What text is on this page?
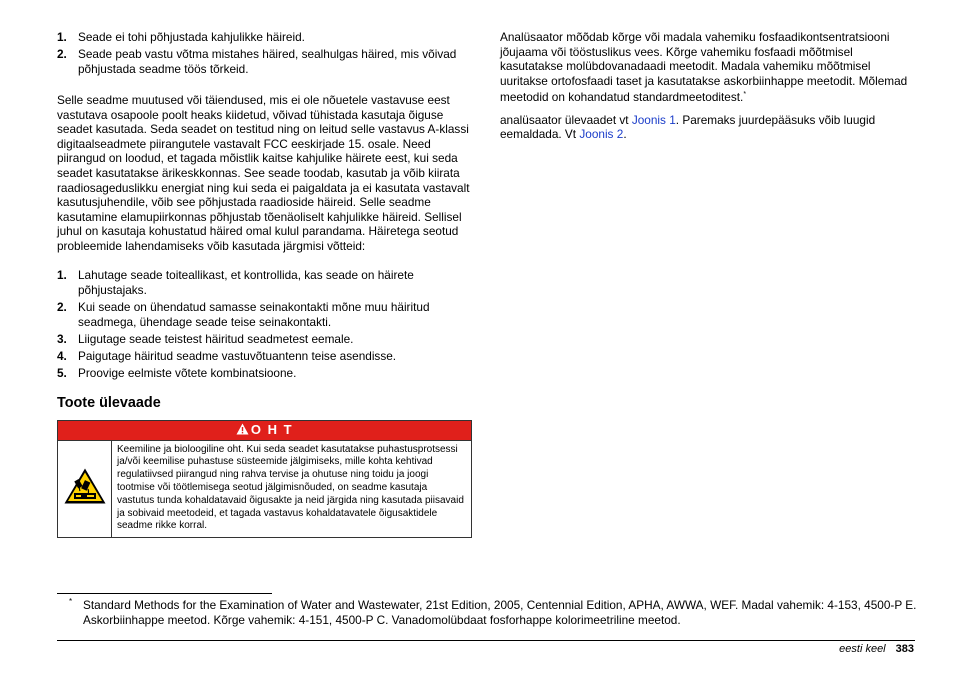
1. Seade ei tohi põhjustada kahjulikke häireid.
2. Seade peab vastu võtma mistahes häired, sealhulgas häired, mis võivad põhjustada seadme töös tõrkeid.

Selle seadme muutused või täiendused, mis ei ole nõuetele vastavuse eest vastutava osapoole poolt heaks kiidetud, võivad tühistada kasutaja õiguse seadet kasutada. Seda seadet on testitud ning on leitud selle vastavus A-klassi digitaalseadmete piirangutele vastavalt FCC eeskirjade 15. osale. Need piirangud on loodud, et tagada mõistlik kaitse kahjulike häirete eest, kui seda seadet kasutatakse ärikeskkonnas. See seade toodab, kasutab ja võib kiirata raadiosageduslikku energiat ning kui seda ei paigaldata ja ei kasutata vastavalt kasutusjuhendile, võib see põhjustada raadioside häireid. Selle seadme kasutamine elamupiirkonnas põhjustab tõenäoliselt kahjulikke häireid. Sellisel juhul on kasutaja kohustatud häired omal kulul parandama. Häiretega seotud probleemide lahendamiseks võib kasutada järgmisi võtteid:

1. Lahutage seade toiteallikast, et kontrollida, kas seade on häirete põhjustajaks.
2. Kui seade on ühendatud samasse seinakontakti mõne muu häiritud seadmega, ühendage seade teise seinakontakti.
3. Liigutage seade teistest häiritud seadmetest eemale.
4. Paigutage häiritud seadme vastuvõtuantenn teise asendisse.
5. Proovige eelmiste võtete kombinatsioone.
Toote ülevaade
O H T
	Keemiline ja bioloogiline oht. Kui seda seadet kasutatakse puhastusprotsessi ja/või keemilise puhastuse süsteemide jälgimiseks, mille kohta kehtivad regulatiivsed piirangud ning rahva tervise ja ohutuse ning toidu ja joogi tootmise või töötlemisega seotud jälgimisnõuded, on seadme kasutaja vastutus tunda kohaldatavaid õigusakte ja neid järgida ning kasutada piisavaid ja sobivaid meetodeid, et tagada vastavus kohaldatavatele õigusaktidele seadme rikke korral.

Analüsaator mõõdab kõrge või madala vahemiku fosfaadikontsentratsiooni jõujaama või tööstuslikus vees. Kõrge vahemiku fosfaadi mõõtmisel kasutatakse molübdovanadaadi meetodit. Madala vahemiku mõõtmisel uuritakse ortofosfaadi taset ja kasutatakse askorbiinhappe meetodit. Mõlemad meetodid on kohandatud standardmeetoditest.*

analüsaator ülevaadet vt Joonis 1. Paremaks juurdepääsuks võib luugid eemaldada. Vt Joonis 2.

* Standard Methods for the Examination of Water and Wastewater, 21st Edition, 2005, Centennial Edition, APHA, AWWA, WEF. Madal vahemik: 4-153, 4500-P E. Askorbiinhappe meetod. Kõrge vahemik: 4-151, 4500-P C. Vanadomolübdaat fosforhappe kolorimeetriline meetod.
eesti keel 383
